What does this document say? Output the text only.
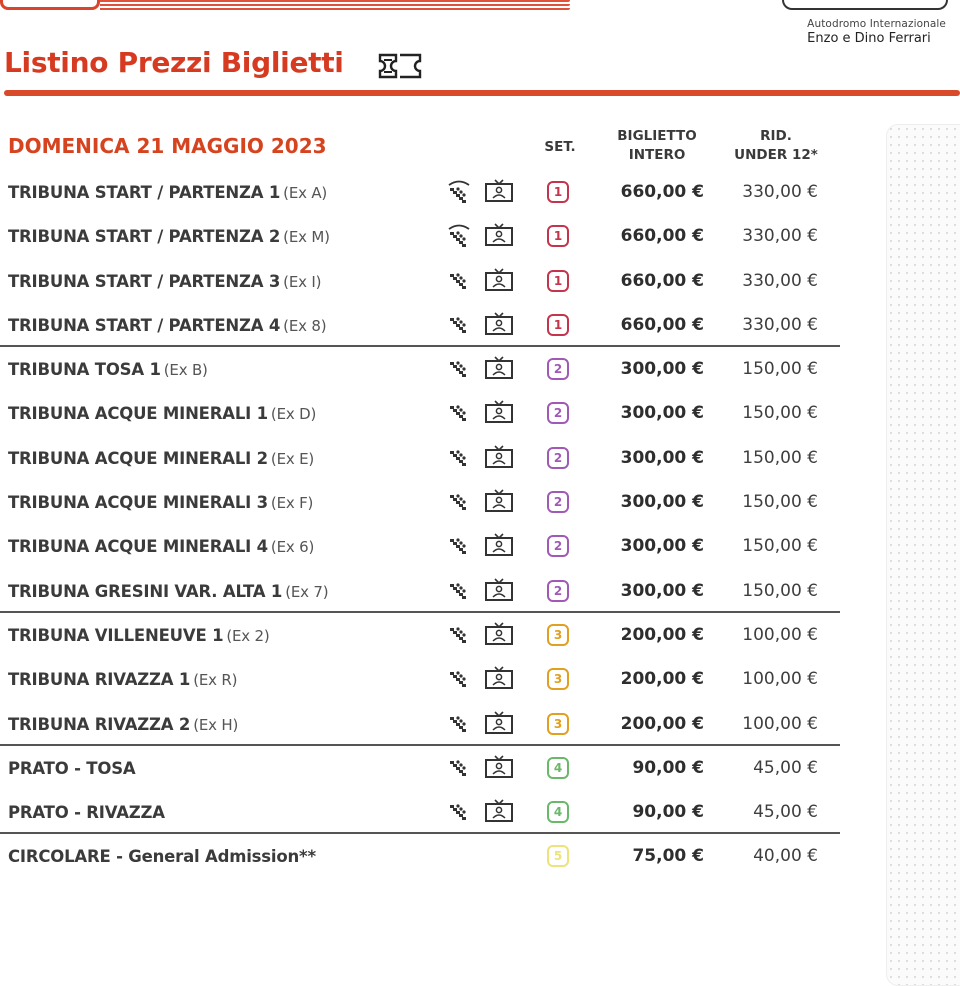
Autodromo Internazionale
Enzo e Dino Ferrari
Listino Prezzi Biglietti
DOMENICA 21 MAGGIO 2023	SET.
BIGLIETTO
INTERO
RID.
UNDER 12*
TRIBUNA START / PARTENZA 1 (Ex A)	1	660,00 €	330,00 €
TRIBUNA START / PARTENZA 2 (Ex M)	1	660,00 €	330,00 €
TRIBUNA START / PARTENZA 3 (Ex I)	1	660,00 €	330,00 €
TRIBUNA START / PARTENZA 4 (Ex 8)	1	660,00 €	330,00 €
TRIBUNA TOSA 1 (Ex B)	2	300,00 €	150,00 €
TRIBUNA ACQUE MINERALI 1 (Ex D)	2	300,00 €	150,00 €
TRIBUNA ACQUE MINERALI 2 (Ex E)	2	300,00 €	150,00 €
TRIBUNA ACQUE MINERALI 3 (Ex F)	2	300,00 €	150,00 €
TRIBUNA ACQUE MINERALI 4 (Ex 6)	2	300,00 €	150,00 €
TRIBUNA GRESINI VAR. ALTA 1 (Ex 7)	2	300,00 €	150,00 €
TRIBUNA VILLENEUVE 1 (Ex 2)	3	200,00 €	100,00 €
TRIBUNA RIVAZZA 1 (Ex R)	3	200,00 €	100,00 €
TRIBUNA RIVAZZA 2 (Ex H)	3	200,00 €	100,00 €
PRATO - TOSA	4	90,00 €	45,00 €
PRATO - RIVAZZA	4	90,00 €	45,00 €
CIRCOLARE - General Admission**	5	75,00 €	40,00 €
